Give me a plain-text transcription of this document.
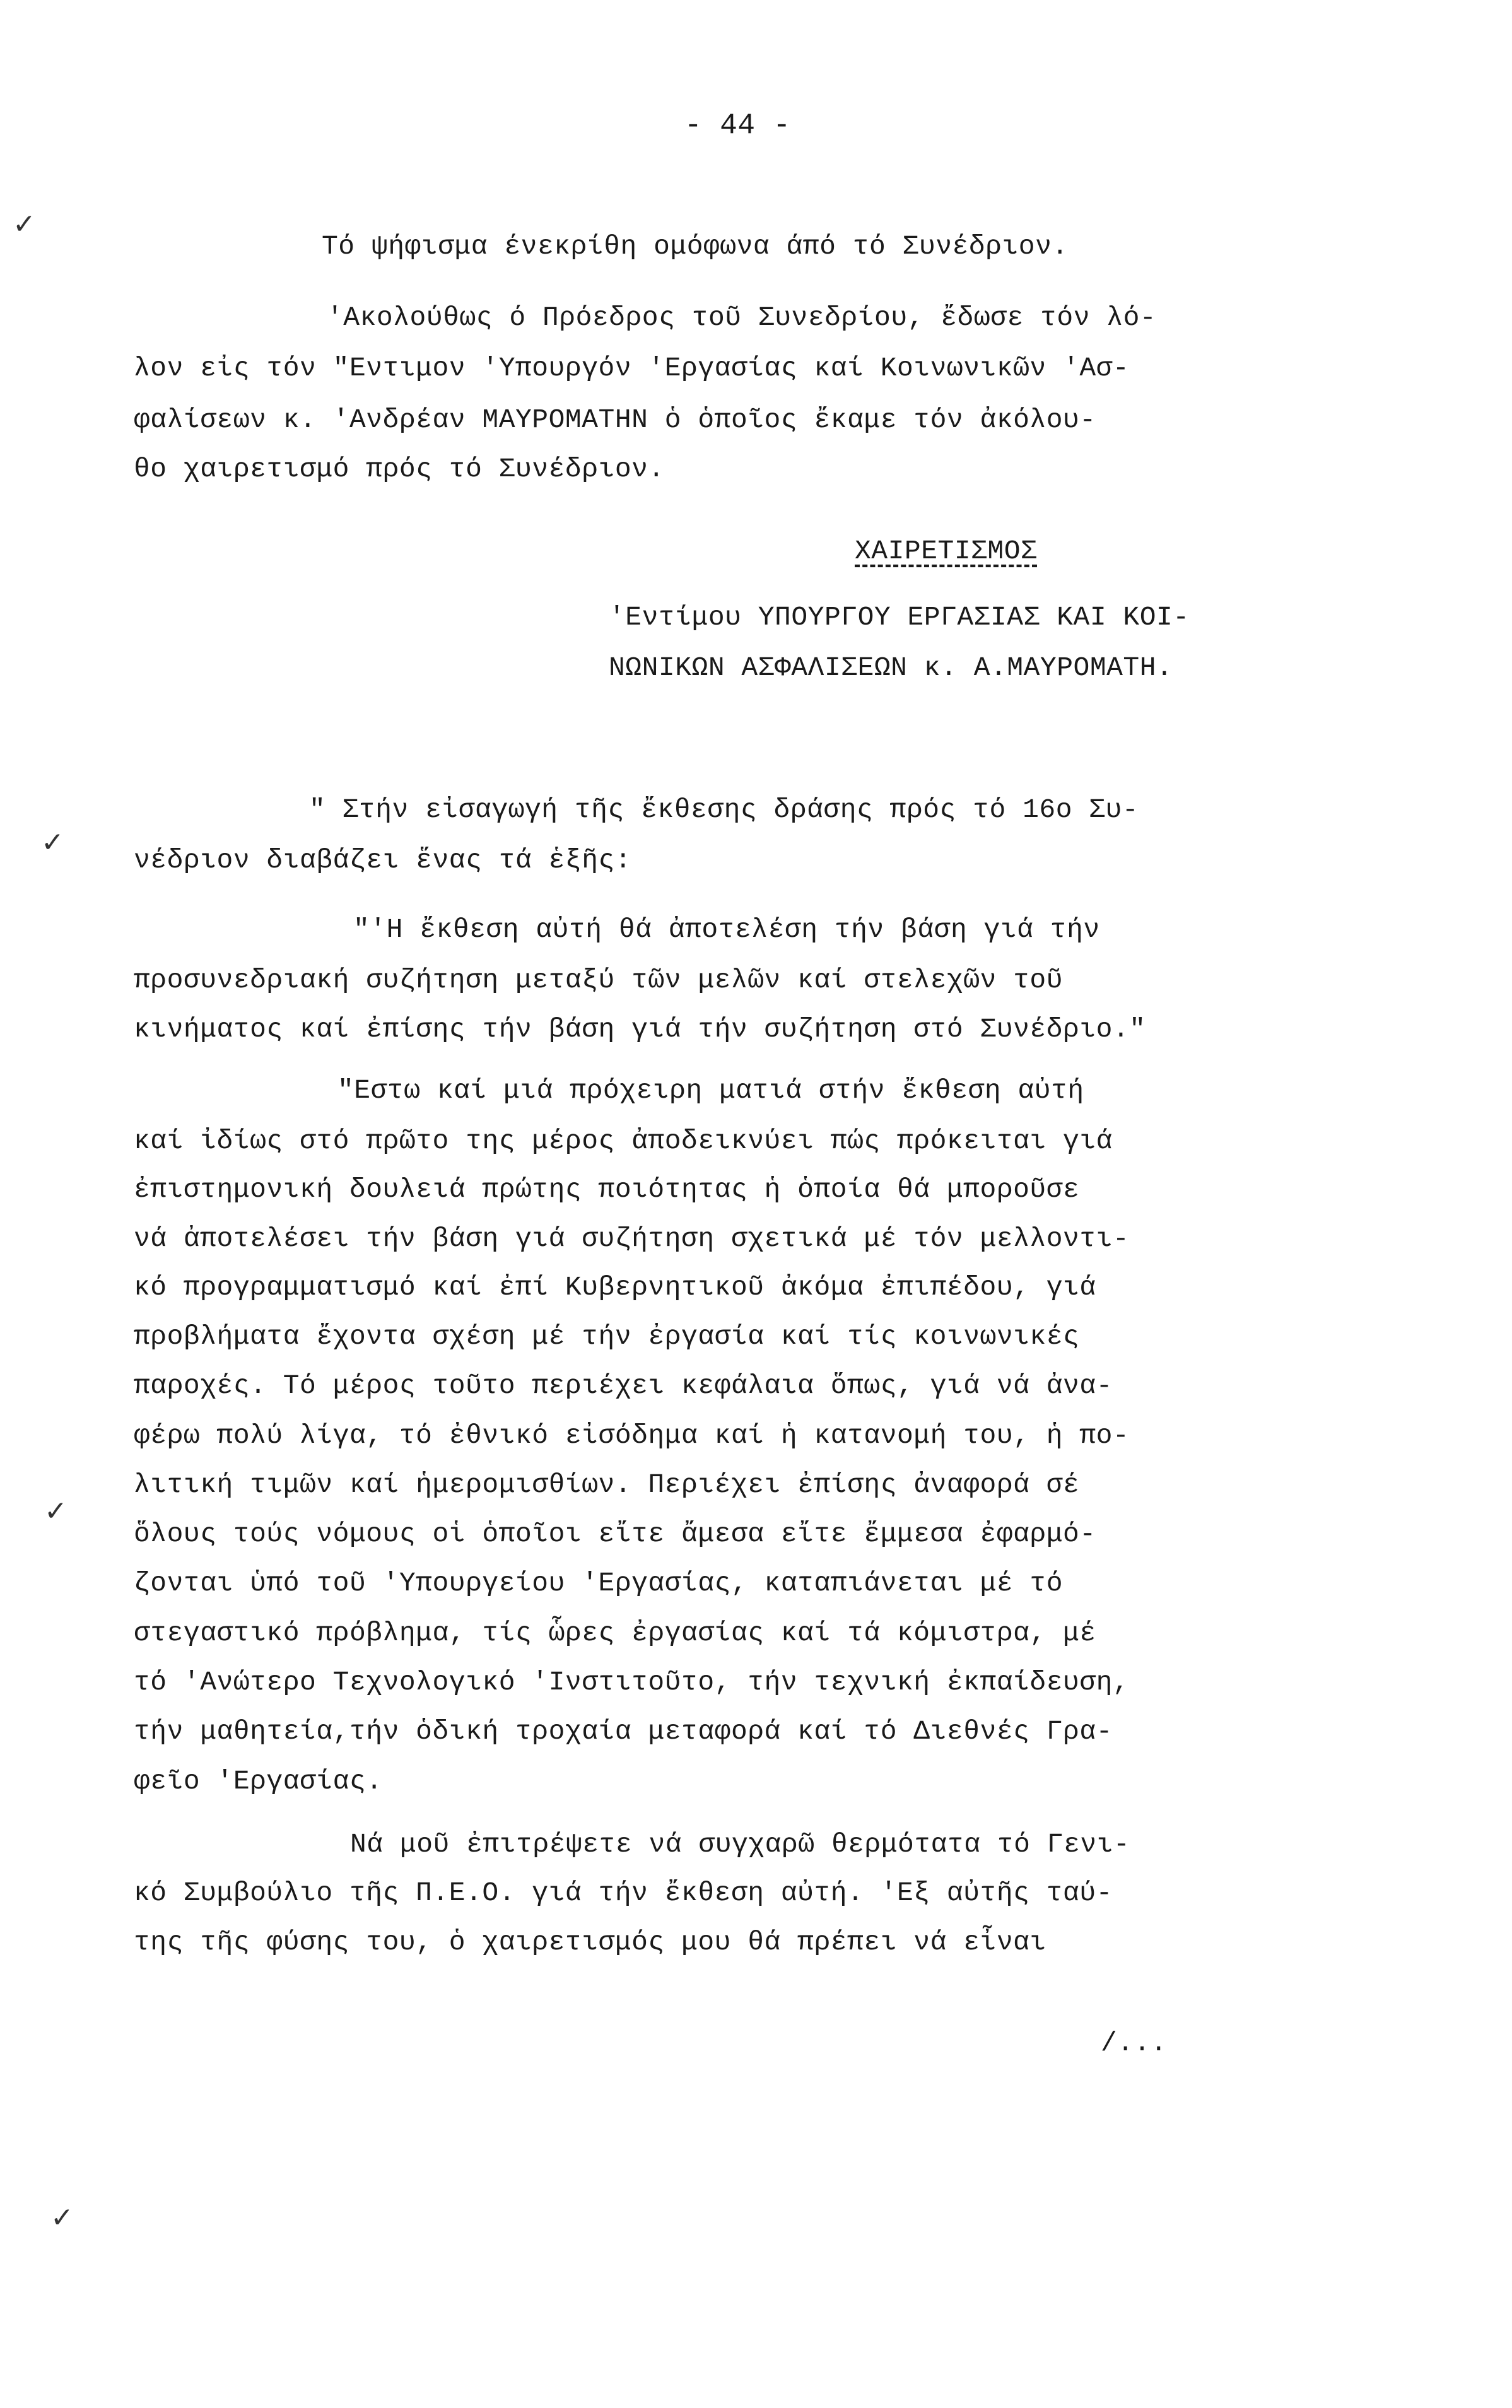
- 44 -
✓
✓
✓
✓
Τό ψήφισμα ένεκρίθη ομόφωνα άπό τό Συνέδριον.
'Ακολούθως ό Πρόεδρος τοῦ Συνεδρίου, ἔδωσε τόν λό-
λον εἰς τόν "Εντιμον 'Υπουργόν 'Εργασίας καί Κοινωνικῶν 'Ασ-
φαλίσεων κ. 'Ανδρέαν ΜΑΥΡΟΜΑΤΗΝ ὁ ὁποῖος ἔκαμε τόν ἀκόλου-
θο χαιρετισμό πρός τό Συνέδριον.
ΧΑΙΡΕΤΙΣΜΟΣ
'Εντίμου ΥΠΟΥΡΓΟΥ ΕΡΓΑΣΙΑΣ ΚΑΙ ΚΟΙ-
ΝΩΝΙΚΩΝ ΑΣΦΑΛΙΣΕΩΝ κ. Α.ΜΑΥΡΟΜΑΤΗ.
" Στήν εἰσαγωγή τῆς ἔκθεσης δράσης πρός τό 16ο Συ-
νέδριον διαβάζει ἕνας τά ἑξῆς:
"'Η ἔκθεση αὐτή θά ἀποτελέση τήν βάση γιά τήν
προσυνεδριακή συζήτηση μεταξύ τῶν μελῶν καί στελεχῶν τοῦ
κινήματος καί ἐπίσης τήν βάση γιά τήν συζήτηση στό Συνέδριο."
"Εστω καί μιά πρόχειρη ματιά στήν ἔκθεση αὐτή
καί ἰδίως στό πρῶτο της μέρος ἀποδεικνύει πώς πρόκειται γιά
ἐπιστημονική δουλειά πρώτης ποιότητας ἡ ὁποία θά μποροῦσε
νά ἀποτελέσει τήν βάση γιά συζήτηση σχετικά μέ τόν μελλοντι-
κό προγραμματισμό καί ἐπί Κυβερνητικοῦ ἀκόμα ἐπιπέδου, γιά
προβλήματα ἔχοντα σχέση μέ τήν ἐργασία καί τίς κοινωνικές
παροχές. Τό μέρος τοῦτο περιέχει κεφάλαια ὅπως, γιά νά ἀνα-
φέρω πολύ λίγα, τό ἐθνικό εἰσόδημα καί ἡ κατανομή του, ἡ πο-
λιτική τιμῶν καί ἡμερομισθίων. Περιέχει ἐπίσης ἀναφορά σέ
ὅλους τούς νόμους οἱ ὁποῖοι εἴτε ἄμεσα εἴτε ἔμμεσα ἐφαρμό-
ζονται ὑπό τοῦ 'Υπουργείου 'Εργασίας, καταπιάνεται μέ τό
στεγαστικό πρόβλημα, τίς ὧρες ἐργασίας καί τά κόμιστρα, μέ
τό 'Ανώτερο Τεχνολογικό 'Ινστιτοῦτο, τήν τεχνική ἐκπαίδευση,
τήν μαθητεία,τήν ὁδική τροχαία μεταφορά καί τό Διεθνές Γρα-
φεῖο 'Εργασίας.
Νά μοῦ ἐπιτρέψετε νά συγχαρῶ θερμότατα τό Γενι-
κό Συμβούλιο τῆς Π.Ε.Ο. γιά τήν ἔκθεση αὐτή. 'Εξ αὐτῆς ταύ-
της τῆς φύσης του, ὁ χαιρετισμός μου θά πρέπει νά εἶναι
/...
